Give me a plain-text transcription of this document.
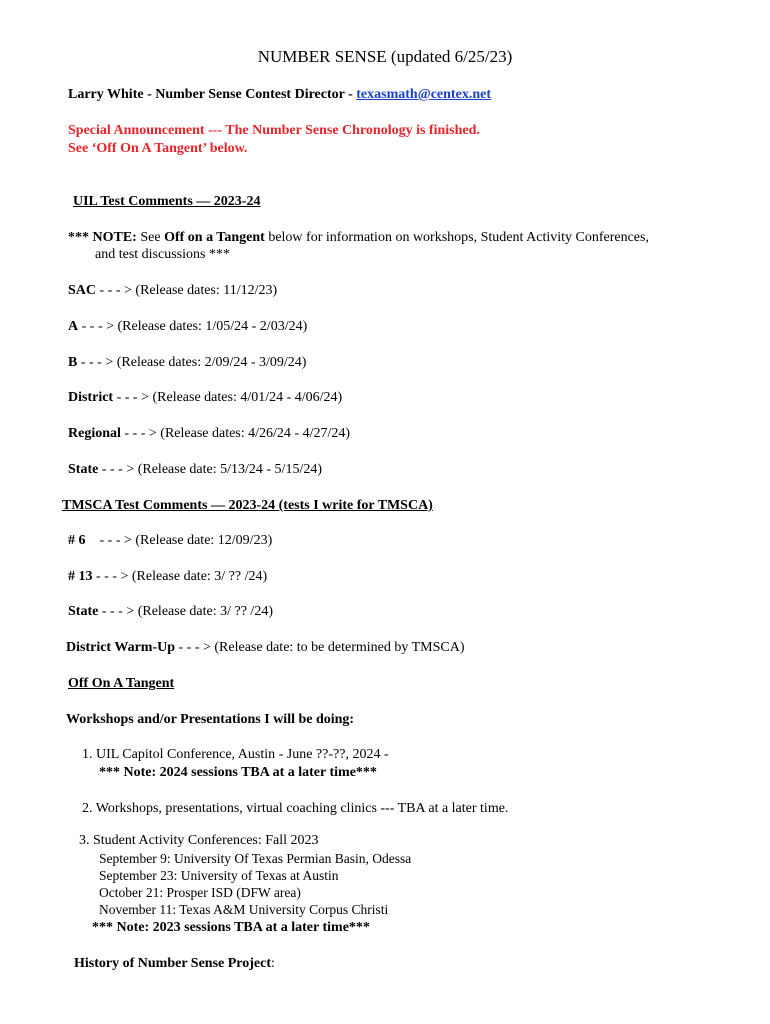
NUMBER SENSE (updated 6/25/23)
Larry White - Number Sense Contest Director - texasmath@centex.net
Special Announcement --- The Number Sense Chronology is finished.
See ‘Off On A Tangent’ below.
UIL Test Comments — 2023-24
*** NOTE: See Off on a Tangent below for information on workshops, Student Activity Conferences,
and test discussions ***
SAC - - - > (Release dates: 11/12/23)
A - - - > (Release dates: 1/05/24 - 2/03/24)
B - - - > (Release dates: 2/09/24 - 3/09/24)
District - - - > (Release dates: 4/01/24 - 4/06/24)
Regional - - - > (Release dates: 4/26/24 - 4/27/24)
State - - - > (Release date: 5/13/24 - 5/15/24)
TMSCA Test Comments — 2023-24 (tests I write for TMSCA)
# 6 - - - > (Release date: 12/09/23)
# 13 - - - > (Release date: 3/ ?? /24)
State - - - > (Release date: 3/ ?? /24)
District Warm-Up - - - > (Release date: to be determined by TMSCA)
Off On A Tangent
Workshops and/or Presentations I will be doing:
1. UIL Capitol Conference, Austin - June ??-??, 2024 -
*** Note: 2024 sessions TBA at a later time***
2. Workshops, presentations, virtual coaching clinics --- TBA at a later time.
3. Student Activity Conferences: Fall 2023
September 9: University Of Texas Permian Basin, Odessa
September 23: University of Texas at Austin
October 21: Prosper ISD (DFW area)
November 11: Texas A&M University Corpus Christi
*** Note: 2023 sessions TBA at a later time***
History of Number Sense Project:
